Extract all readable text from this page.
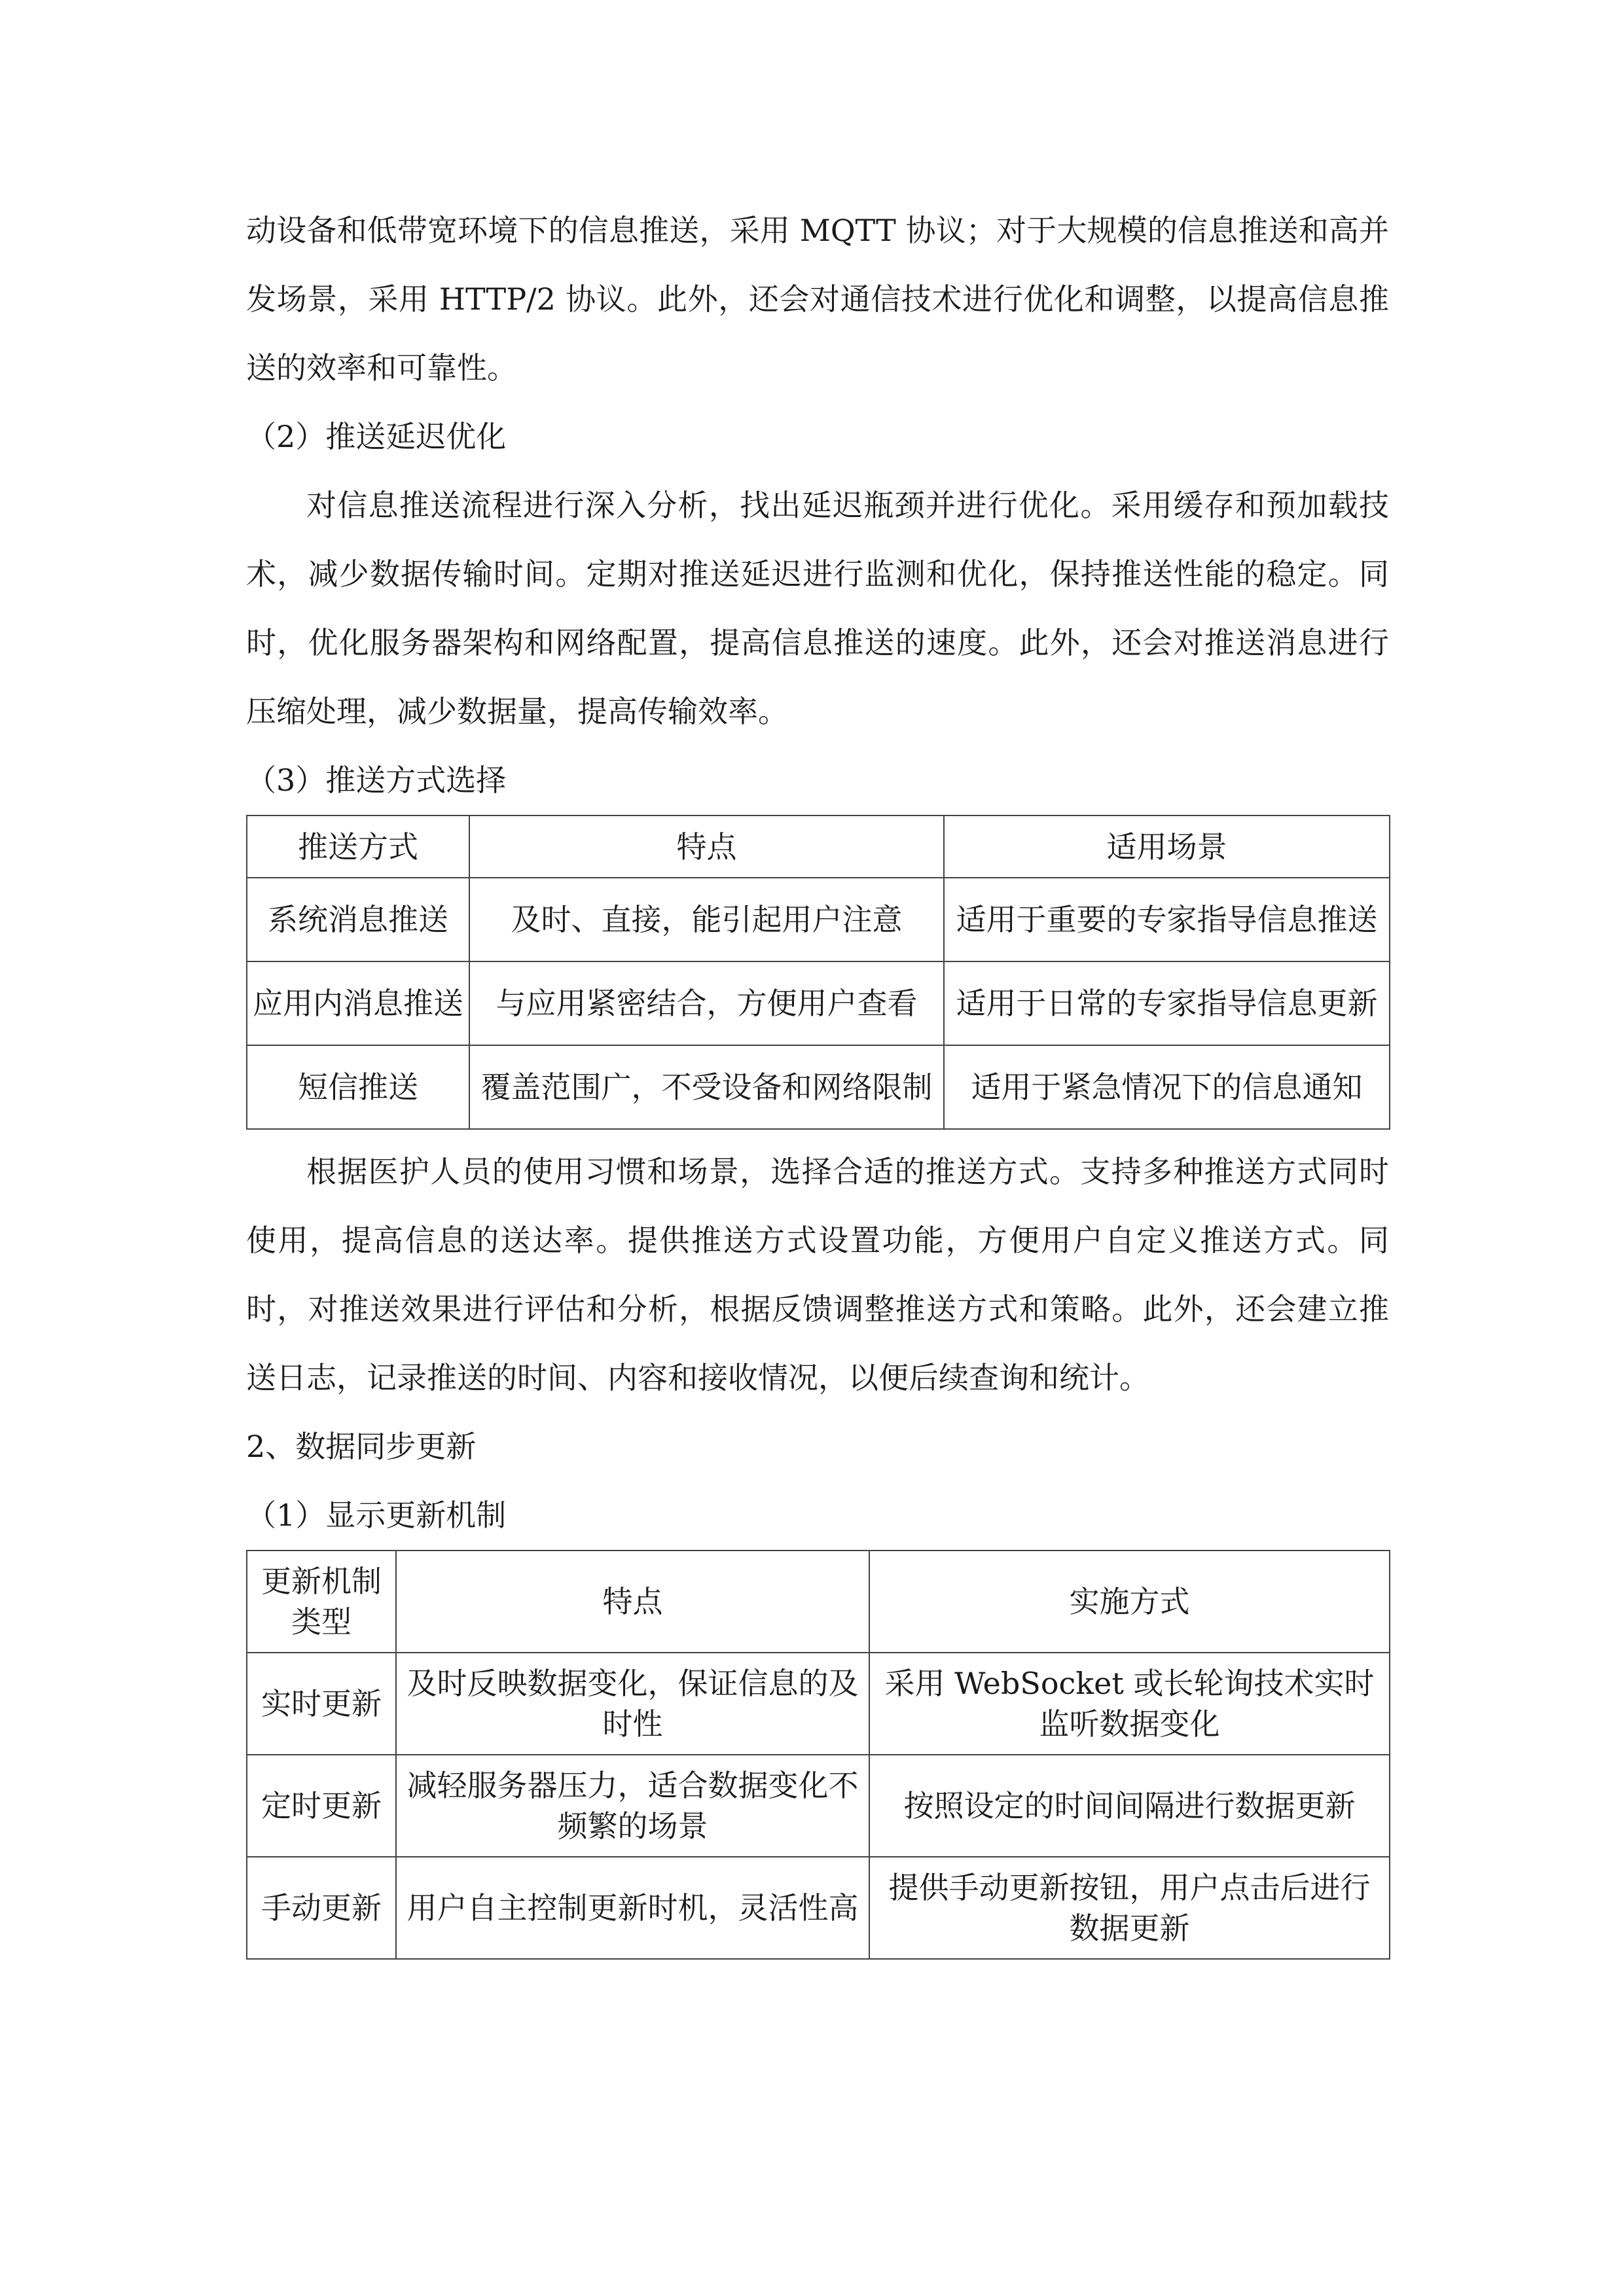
动设备和低带宽环境下的信息推送，采用 MQTT 协议；对于大规模的信息推送和高并发场景，采用 HTTP/2 协议。此外，还会对通信技术进行优化和调整，以提高信息推送的效率和可靠性。

（2）推送延迟优化

对信息推送流程进行深入分析，找出延迟瓶颈并进行优化。采用缓存和预加载技术，减少数据传输时间。定期对推送延迟进行监测和优化，保持推送性能的稳定。同时，优化服务器架构和网络配置，提高信息推送的速度。此外，还会对推送消息进行压缩处理，减少数据量，提高传输效率。

（3）推送方式选择

推送方式	特点	适用场景
系统消息推送	及时、直接，能引起用户注意	适用于重要的专家指导信息推送
应用内消息推送	与应用紧密结合，方便用户查看	适用于日常的专家指导信息更新
短信推送	覆盖范围广，不受设备和网络限制	适用于紧急情况下的信息通知

根据医护人员的使用习惯和场景，选择合适的推送方式。支持多种推送方式同时使用，提高信息的送达率。提供推送方式设置功能，方便用户自定义推送方式。同时，对推送效果进行评估和分析，根据反馈调整推送方式和策略。此外，还会建立推送日志，记录推送的时间、内容和接收情况，以便后续查询和统计。

2、数据同步更新

（1）显示更新机制

更新机制类型	特点	实施方式
实时更新	及时反映数据变化，保证信息的及时性	采用 WebSocket 或长轮询技术实时监听数据变化
定时更新	减轻服务器压力，适合数据变化不频繁的场景	按照设定的时间间隔进行数据更新
手动更新	用户自主控制更新时机，灵活性高	提供手动更新按钮，用户点击后进行数据更新
